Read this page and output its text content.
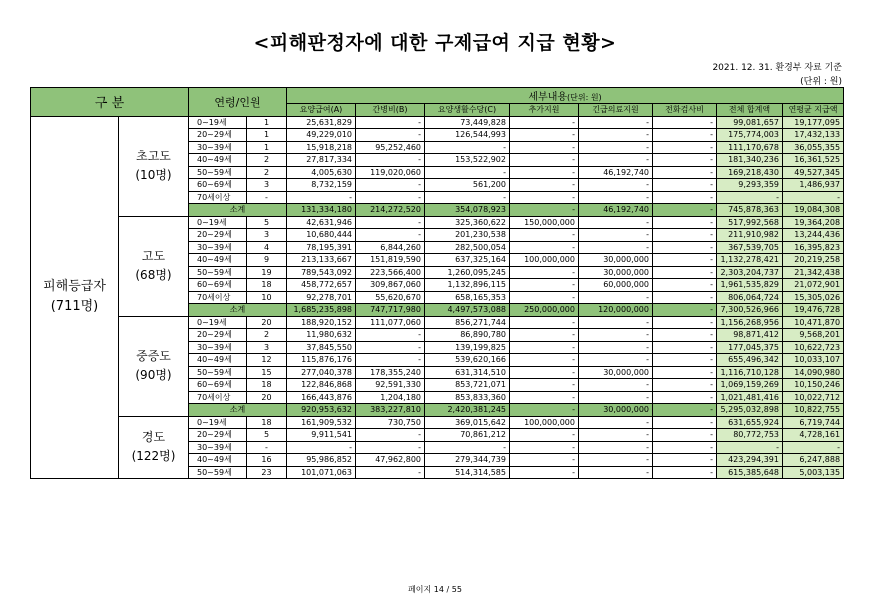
<피해판정자에 대한 구제급여 지급 현황>
2021. 12. 31. 환경부 자료 기준
(단위 : 원)
구 분		연령/인원		세부내용(단위: 원)							
				요양급여(A)	간병비(B)	요양생활수당(C)	추가지원	긴급의료지원	전화검사비	전체 합계액	연평균 지급액
피해등급자
(711명)	초고도
(10명)	0~19세	1	25,631,829	-	73,449,828	-	-	-	99,081,657	19,177,095
		20~29세	1	49,229,010	-	126,544,993	-	-	-	175,774,003	17,432,133
		30~39세	1	15,918,218	95,252,460	-	-	-	-	111,170,678	36,055,355
		40~49세	2	27,817,334	-	153,522,902	-	-	-	181,340,236	16,361,525
		50~59세	2	4,005,630	119,020,060	-	-	46,192,740	-	169,218,430	49,527,345
		60~69세	3	8,732,159	-	561,200	-	-	-	9,293,359	1,486,937
		70세이상	-	-	-	-	-	-	-	-	-
		소계		131,334,180	214,272,520	354,078,923	-	46,192,740	-	745,878,363	19,084,308
	고도
(68명)	0~19세	5	42,631,946	-	325,360,622	150,000,000	-	-	517,992,568	19,364,208
		20~29세	3	10,680,444	-	201,230,538	-	-	-	211,910,982	13,244,436
		30~39세	4	78,195,391	6,844,260	282,500,054	-	-	-	367,539,705	16,395,823
		40~49세	9	213,133,667	151,819,590	637,325,164	100,000,000	30,000,000	-	1,132,278,421	20,219,258
		50~59세	19	789,543,092	223,566,400	1,260,095,245	-	30,000,000	-	2,303,204,737	21,342,438
		60~69세	18	458,772,657	309,867,060	1,132,896,115	-	60,000,000	-	1,961,535,829	21,072,901
		70세이상	10	92,278,701	55,620,670	658,165,353	-	-	-	806,064,724	15,305,026
		소계		1,685,235,898	747,717,980	4,497,573,088	250,000,000	120,000,000	-	7,300,526,966	19,476,728
	중증도
(90명)	0~19세	20	188,920,152	111,077,060	856,271,744	-	-	-	1,156,268,956	10,471,870
		20~29세	2	11,980,632	-	86,890,780	-	-	-	98,871,412	9,568,201
		30~39세	3	37,845,550	-	139,199,825	-	-	-	177,045,375	10,622,723
		40~49세	12	115,876,176	-	539,620,166	-	-	-	655,496,342	10,033,107
		50~59세	15	277,040,378	178,355,240	631,314,510	-	30,000,000	-	1,116,710,128	14,090,980
		60~69세	18	122,846,868	92,591,330	853,721,071	-	-	-	1,069,159,269	10,150,246
		70세이상	20	166,443,876	1,204,180	853,833,360	-	-	-	1,021,481,416	10,022,712
		소계		920,953,632	383,227,810	2,420,381,245	-	30,000,000	-	5,295,032,898	10,822,755
	경도
(122명)	0~19세	18	161,909,532	730,750	369,015,642	100,000,000	-	-	631,655,924	6,719,744
		20~29세	5	9,911,541	-	70,861,212	-	-	-	80,772,753	4,728,161
		30~39세	-	-	-	-	-	-	-	-	-
		40~49세	16	95,986,852	47,962,800	279,344,739	-	-	-	423,294,391	6,247,888
		50~59세	23	101,071,063	-	514,314,585	-	-	-	615,385,648	5,003,135
페이지 14 / 55
